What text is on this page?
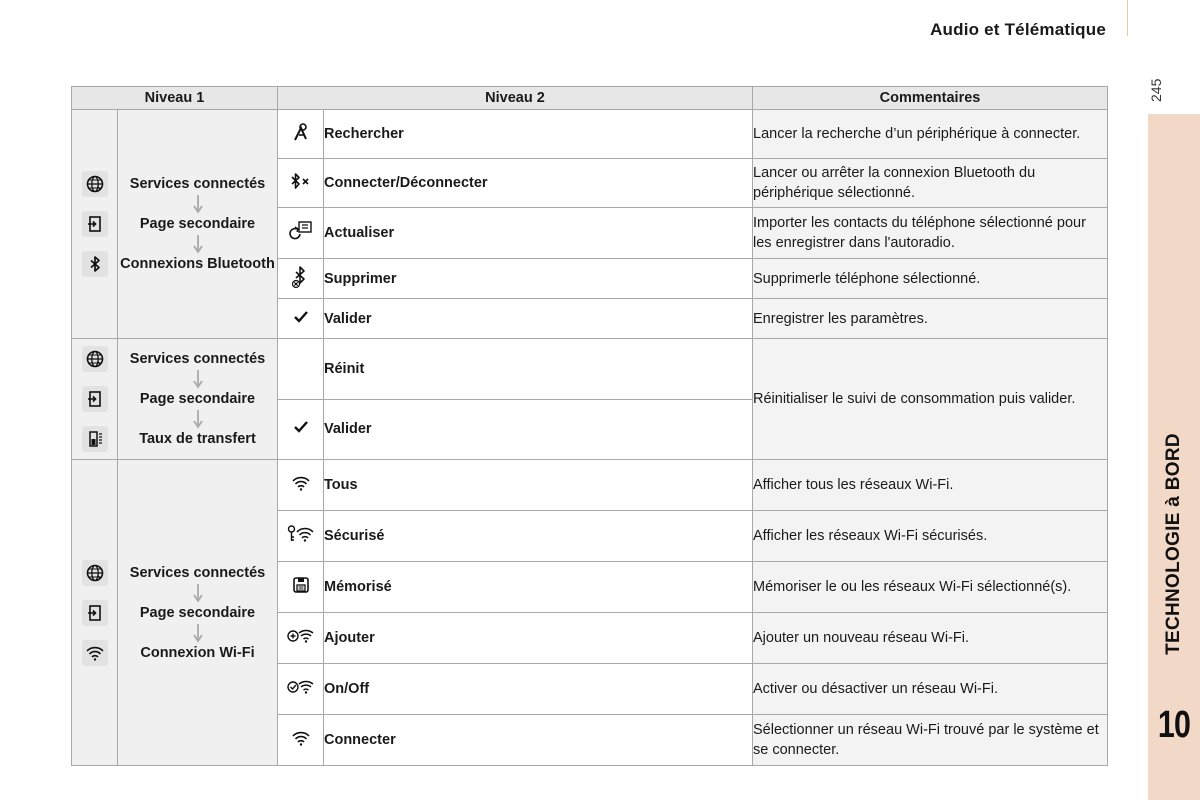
Audio et Télématique
245
TECHNOLOGIE à BORD
10
Niveau 1		Niveau 2		Commentaires

Services connectés
Page secondaire
Connexions Bluetooth		Rechercher	Lancer la recherche d’un périphérique à connecter.
	Connecter/Déconnecter	Lancer ou arrêter la connexion Bluetooth du périphérique sélectionné.
	Actualiser	Importer les contacts du téléphone sélectionné pour les enregistrer dans l'autoradio.
	Supprimer	Supprimerle téléphone sélectionné.
	Valider	Enregistrer les paramètres.

Services connectés
Page secondaire
Taux de transfert		Réinit	Réinitialiser le suivi de consommation puis valider.
	Valider	

Services connectés
Page secondaire
Connexion Wi-Fi		Tous	Afficher tous les réseaux Wi-Fi.
	Sécurisé	Afficher les réseaux Wi-Fi sécurisés.
	Mémorisé	Mémoriser le ou les réseaux Wi-Fi sélectionné(s).
	Ajouter	Ajouter un nouveau réseau Wi-Fi.
	On/Off	Activer ou désactiver un réseau Wi-Fi.
	Connecter	Sélectionner un réseau Wi-Fi trouvé par le système et se connecter.
